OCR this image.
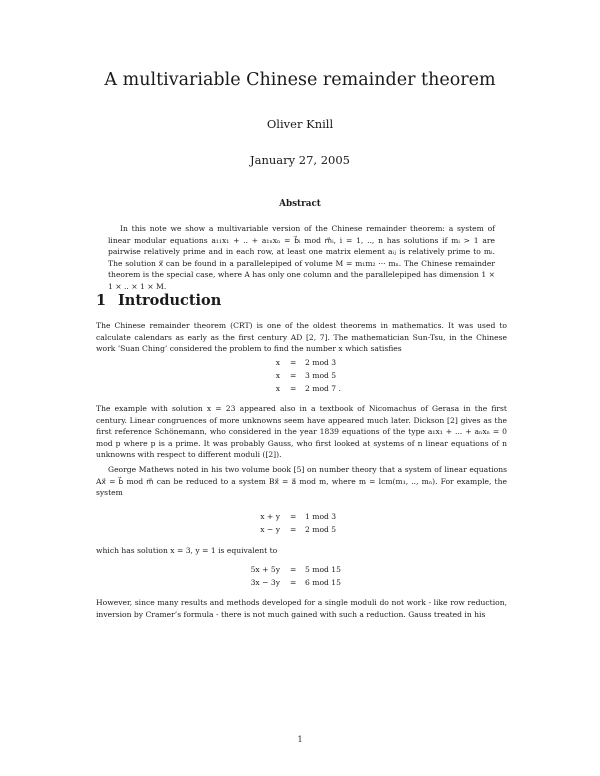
A multivariable Chinese remainder theorem
Oliver Knill
January 27, 2005
Abstract

In this note we show a multivariable version of the Chinese remainder theorem: a system of linear modular equations a₁₁x₁ + .. + a₁ₙxₙ = b⃗ᵢ mod m⃗ᵢ, i = 1, .., n has solutions if mᵢ > 1 are pairwise relatively prime and in each row, at least one matrix element aᵢⱼ is relatively prime to mᵢ. The solution x⃗ can be found in a parallelepiped of volume M = m₁m₂ ··· mₙ. The Chinese remainder theorem is the special case, where A has only one column and the parallelepiped has dimension 1 × 1 × .. × 1 × M.

1 Introduction

The Chinese remainder theorem (CRT) is one of the oldest theorems in mathematics. It was used to calculate calendars as early as the first century AD [2, 7]. The mathematician Sun-Tsu, in the Chinese work ’Suan Ching’ considered the problem to find the number x which satisfies

x = 2 mod 3
x = 3 mod 5
x = 2 mod 7 .

The example with solution x = 23 appeared also in a textbook of Nicomachus of Gerasa in the first century. Linear congruences of more unknowns seem have appeared much later. Dickson [2] gives as the first reference Schönemann, who considered in the year 1839 equations of the type a₁x₁ + ... + aₙxₙ = 0 mod p where p is a prime. It was probably Gauss, who first looked at systems of n linear equations of n unknowns with respect to different moduli ([2]).

George Mathews noted in his two volume book [5] on number theory that a system of linear equations Ax⃗ = b⃗ mod m⃗ can be reduced to a system Bx⃗ = a⃗ mod m, where m = lcm(m₁, .., mₙ). For example, the system

x + y = 1 mod 3
x − y = 2 mod 5

which has solution x = 3, y = 1 is equivalent to

5x + 5y = 5 mod 15
3x − 3y = 6 mod 15

However, since many results and methods developed for a single moduli do not work - like row reduction, inversion by Cramer’s formula - there is not much gained with such a reduction. Gauss treated in his

1
